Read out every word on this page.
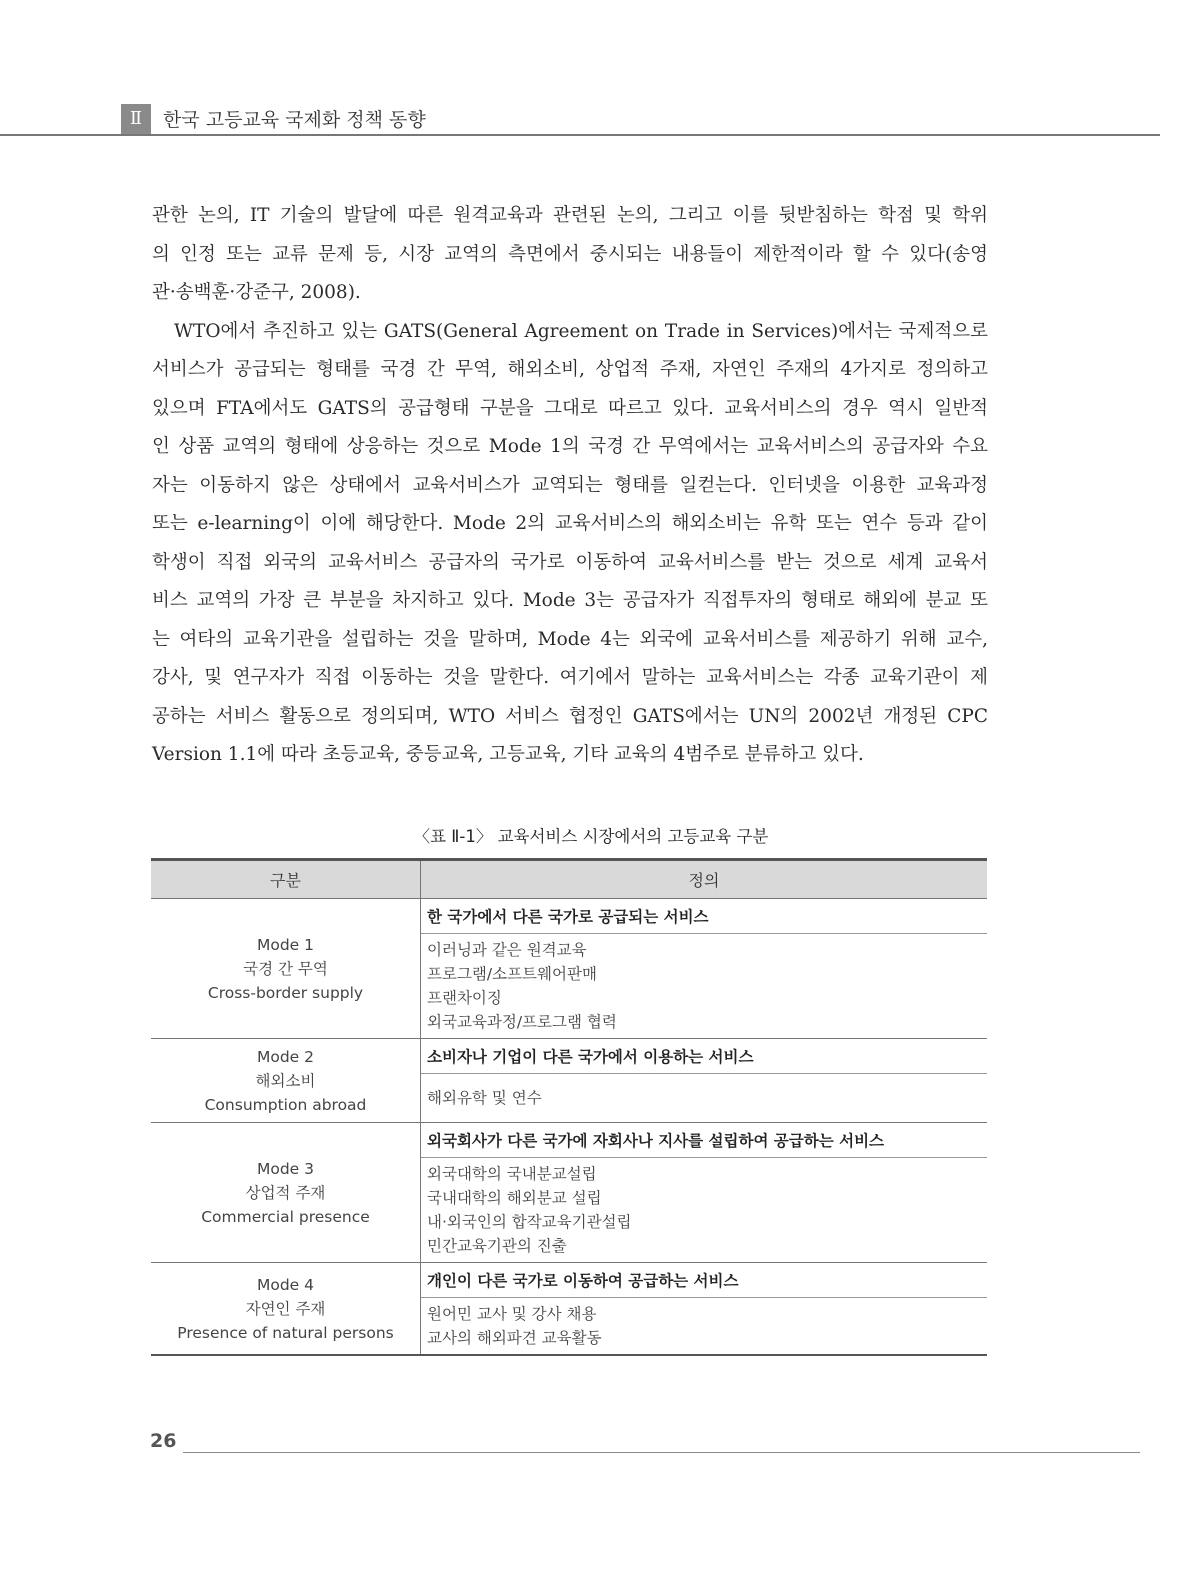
Ⅱ	한국 고등교육 국제화 정책 동향

관한 논의, IT 기술의 발달에 따른 원격교육과 관련된 논의, 그리고 이를 뒷받침하는 학점 및 학위

의 인정 또는 교류 문제 등, 시장 교역의 측면에서 중시되는 내용들이 제한적이라 할 수 있다(송영

관·송백훈·강준구, 2008).

WTO에서 추진하고 있는 GATS(General Agreement on Trade in Services)에서는 국제적으로

서비스가 공급되는 형태를 국경 간 무역, 해외소비, 상업적 주재, 자연인 주재의 4가지로 정의하고

있으며 FTA에서도 GATS의 공급형태 구분을 그대로 따르고 있다. 교육서비스의 경우 역시 일반적

인 상품 교역의 형태에 상응하는 것으로 Mode 1의 국경 간 무역에서는 교육서비스의 공급자와 수요

자는 이동하지 않은 상태에서 교육서비스가 교역되는 형태를 일컫는다. 인터넷을 이용한 교육과정

또는 e-learning이 이에 해당한다. Mode 2의 교육서비스의 해외소비는 유학 또는 연수 등과 같이

학생이 직접 외국의 교육서비스 공급자의 국가로 이동하여 교육서비스를 받는 것으로 세계 교육서

비스 교역의 가장 큰 부분을 차지하고 있다. Mode 3는 공급자가 직접투자의 형태로 해외에 분교 또

는 여타의 교육기관을 설립하는 것을 말하며, Mode 4는 외국에 교육서비스를 제공하기 위해 교수,

강사, 및 연구자가 직접 이동하는 것을 말한다. 여기에서 말하는 교육서비스는 각종 교육기관이 제

공하는 서비스 활동으로 정의되며, WTO 서비스 협정인 GATS에서는 UN의 2002년 개정된 CPC

Version 1.1에 따라 초등교육, 중등교육, 고등교육, 기타 교육의 4범주로 분류하고 있다.

〈표 Ⅱ-1〉 교육서비스 시장에서의 고등교육 구분
구분	정의

Mode 1
국경 간 무역
Cross-border supply	한 국가에서 다른 국가로 공급되는 서비스

	이러닝과 같은 원격교육
프로그램/소프트웨어판매
프랜차이징
외국교육과정/프로그램 협력

Mode 2
해외소비
Consumption abroad	소비자나 기업이 다른 국가에서 이용하는 서비스

	해외유학 및 연수

Mode 3
상업적 주재
Commercial presence	외국회사가 다른 국가에 자회사나 지사를 설립하여 공급하는 서비스

	외국대학의 국내분교설립
국내대학의 해외분교 설립
내·외국인의 합작교육기관설립
민간교육기관의 진출

Mode 4
자연인 주재
Presence of natural persons	개인이 다른 국가로 이동하여 공급하는 서비스

	원어민 교사 및 강사 채용
교사의 해외파견 교육활동
26
